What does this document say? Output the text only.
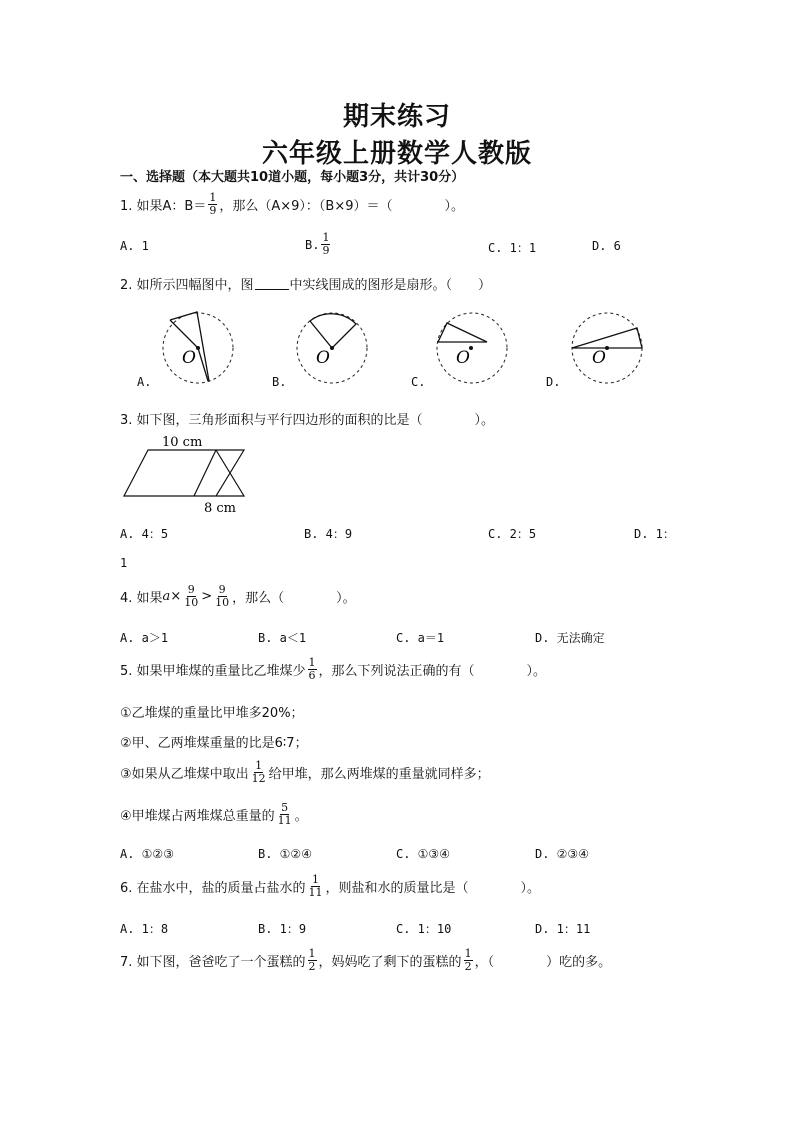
期末练习
六年级上册数学人教版
一、选择题（本大题共10道小题，每小题3分，共计30分）
1. 如果A：$B= \frac{1}{9}$ ，那么（A×9）：（B×9）＝（　　　　）。
A. 1	B. $\frac{1}{9}$	C. 1：1	D. 6
2. 如所示四幅图中，图	中实线围成的图形是扇形。（　　）
O	O	O	O
A.	B.	C.	D.
3. 如下图，三角形面积与平行四边形的面积的比是（　　　　）。
10 cm
8 cm
A. 4：5	B. 4：9	C. 2：5	D. 1：
1
4. 如果 $a \times \frac{9}{10} > \frac{9}{10}$ ，那么（　　　　）。
A. a＞1	B. a＜1	C. a＝1	D. 无法确定
5. 如果甲堆煤的重量比乙堆煤少 $\frac{1}{6}$ ，那么下列说法正确的有（　　　　）。
①乙堆煤的重量比甲堆多20%；
②甲、乙两堆煤重量的比是6∶7；
③如果从乙堆煤中取出 $\frac{1}{12}$ 给甲堆，那么两堆煤的重量就同样多；
④甲堆煤占两堆煤总重量的 $\frac{5}{11}$ 。
A. ①②③	B. ①②④	C. ①③④	D. ②③④
6. 在盐水中，盐的质量占盐水的 $\frac{1}{11}$ ，则盐和水的质量比是（　　　　）。
A. 1：8	B. 1：9	C. 1：10	D. 1：11
7. 如下图，爸爸吃了一个蛋糕的 $\frac{1}{2}$ ，妈妈吃了剩下的蛋糕的 $\frac{1}{2}$ ，（　　　　）吃的多。
